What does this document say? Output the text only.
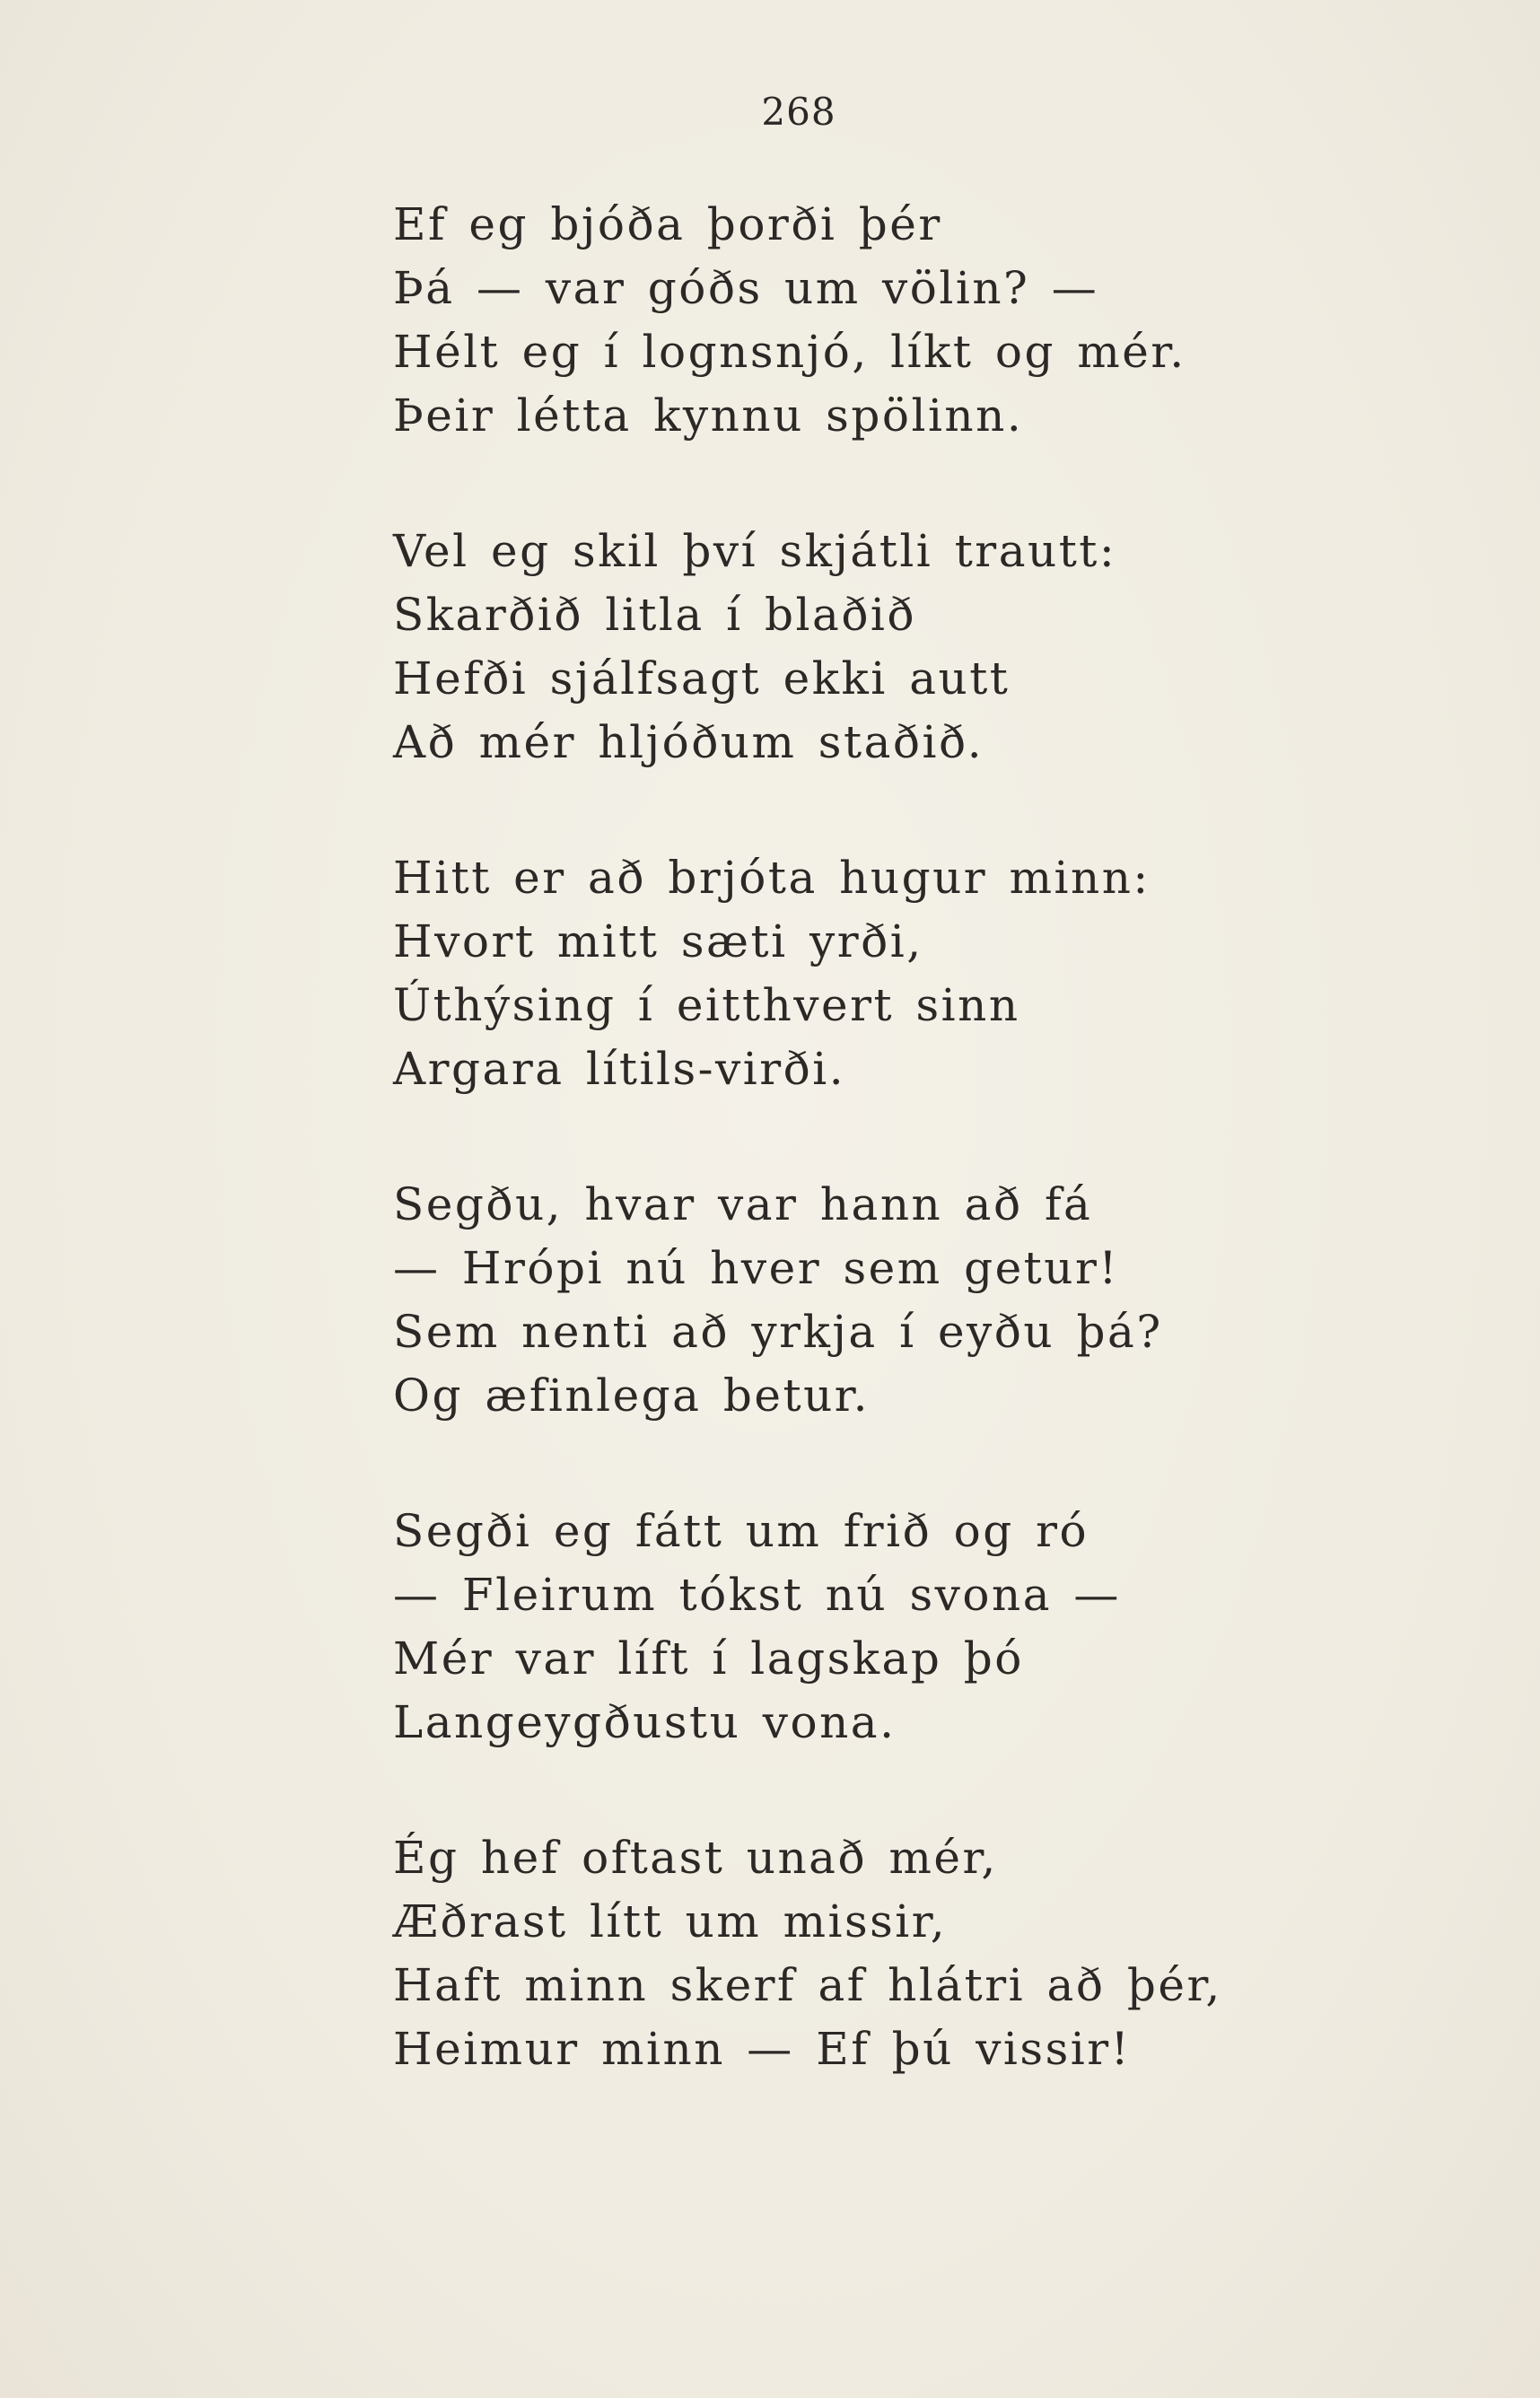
268
Ef eg bjóða þorði þér
Þá — var góðs um völin? —
Hélt eg í lognsnjó, líkt og mér.
Þeir létta kynnu spölinn.
Vel eg skil því skjátli trautt:
Skarðið litla í blaðið
Hefði sjálfsagt ekki autt
Að mér hljóðum staðið.
Hitt er að brjóta hugur minn:
Hvort mitt sæti yrði,
Úthýsing í eitthvert sinn
Argara lítils-virði.
Segðu, hvar var hann að fá
— Hrópi nú hver sem getur!
Sem nenti að yrkja í eyðu þá?
Og æfinlega betur.
Segði eg fátt um frið og ró
— Fleirum tókst nú svona —
Mér var líft í lagskap þó
Langeygðustu vona.
Ég hef oftast unað mér,
Æðrast lítt um missir,
Haft minn skerf af hlátri að þér,
Heimur minn — Ef þú vissir!
